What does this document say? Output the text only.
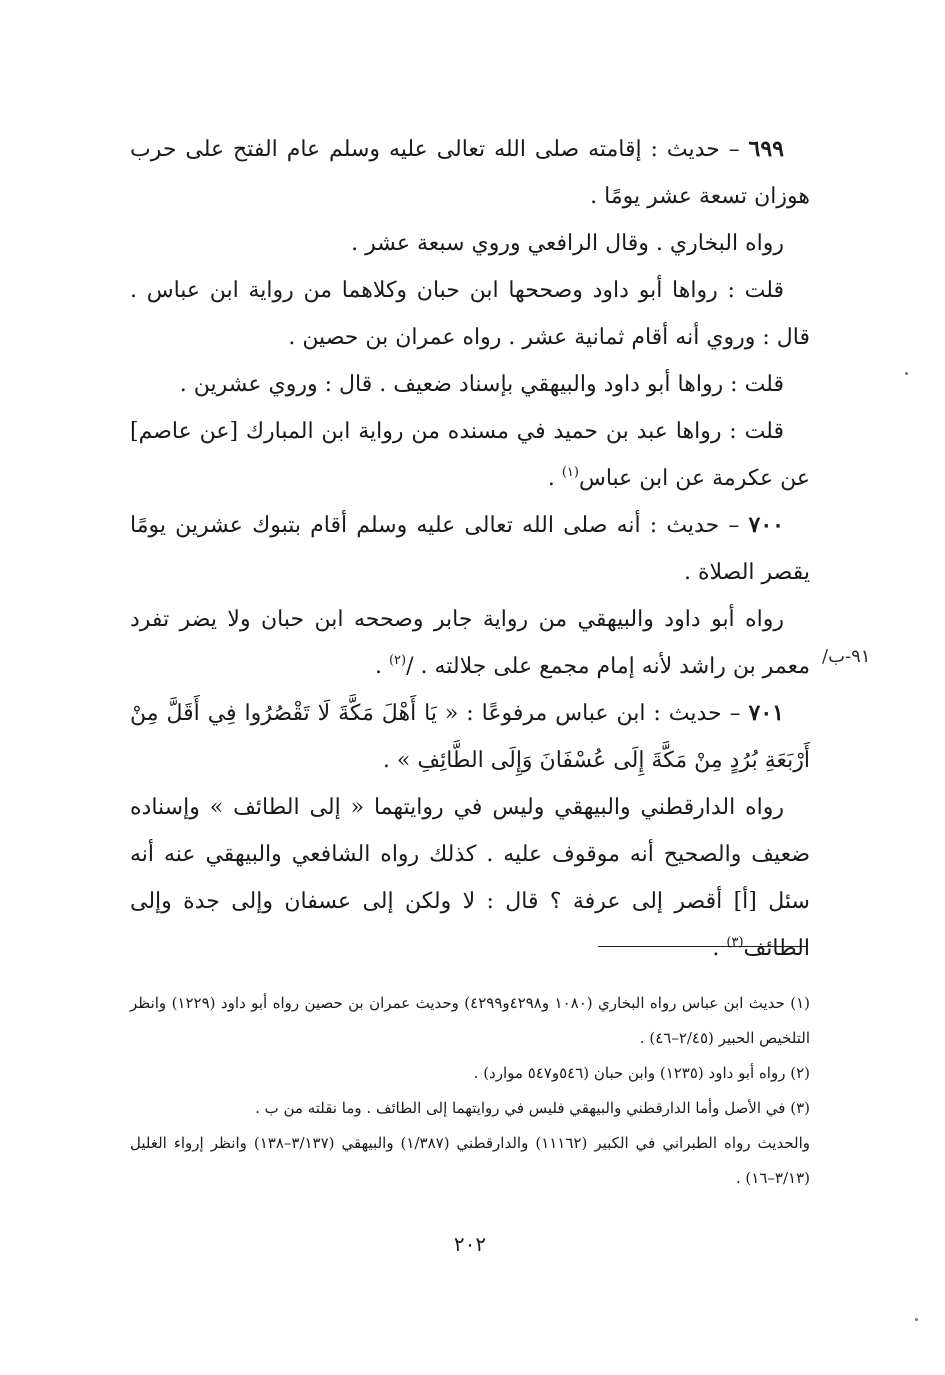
٦٩٩ – حديث : إقامته صلى الله تعالى عليه وسلم عام الفتح على حرب هوزان تسعة عشر يومًا .

رواه البخاري . وقال الرافعي وروي سبعة عشر .

قلت : رواها أبو داود وصححها ابن حبان وكلاهما من رواية ابن عباس . قال : وروي أنه أقام ثمانية عشر . رواه عمران بن حصين .

قلت : رواها أبو داود والبيهقي بإسناد ضعيف . قال : وروي عشرين .

قلت : رواها عبد بن حميد في مسنده من رواية ابن المبارك [عن عاصم] عن عكرمة عن ابن عباس$^{(١)}$ .

٧٠٠ – حديث : أنه صلى الله تعالى عليه وسلم أقام بتبوك عشرين يومًا يقصر الصلاة .

رواه أبو داود والبيهقي من رواية جابر وصححه ابن حبان ولا يضر تفرد معمر بن راشد لأنه إمام مجمع على جلالته . /$^{(٢)}$ .

٧٠١ – حديث : ابن عباس مرفوعًا : « يَا أَهْلَ مَكَّةَ لَا تَقْصُرُوا فِي أَقَلَّ مِنْ أَرْبَعَةِ بُرُدٍ مِنْ مَكَّةَ إِلَى عُسْفَانَ وَإِلَى الطَّائِفِ » .

رواه الدارقطني والبيهقي وليس في روايتهما « إلى الطائف » وإسناده ضعيف والصحيح أنه موقوف عليه . كذلك رواه الشافعي والبيهقي عنه أنه سئل [أ] أقصر إلى عرفة ؟ قال : لا ولكن إلى عسفان وإلى جدة وإلى الطائف$^{(٣)}$ .

/٩١-ب

(١) حديث ابن عباس رواه البخاري (١٠٨٠ و٤٢٩٨و٤٢٩٩) وحديث عمران بن حصين رواه أبو داود (١٢٢٩) وانظر التلخيص الحبير (٢/٤٥–٤٦) .

(٢) رواه أبو داود (١٢٣٥) وابن حبان (٥٤٦و٥٤٧ موارد) .

(٣) في الأصل وأما الدارقطني والبيهقي فليس في روايتهما إلى الطائف . وما نقلته من ب .

والحديث رواه الطبراني في الكبير (١١١٦٢) والدارقطني (١/٣٨٧) والبيهقي (٣/١٣٧–١٣٨) وانظر إرواء الغليل (٣/١٣–١٦) .

٢٠٢
